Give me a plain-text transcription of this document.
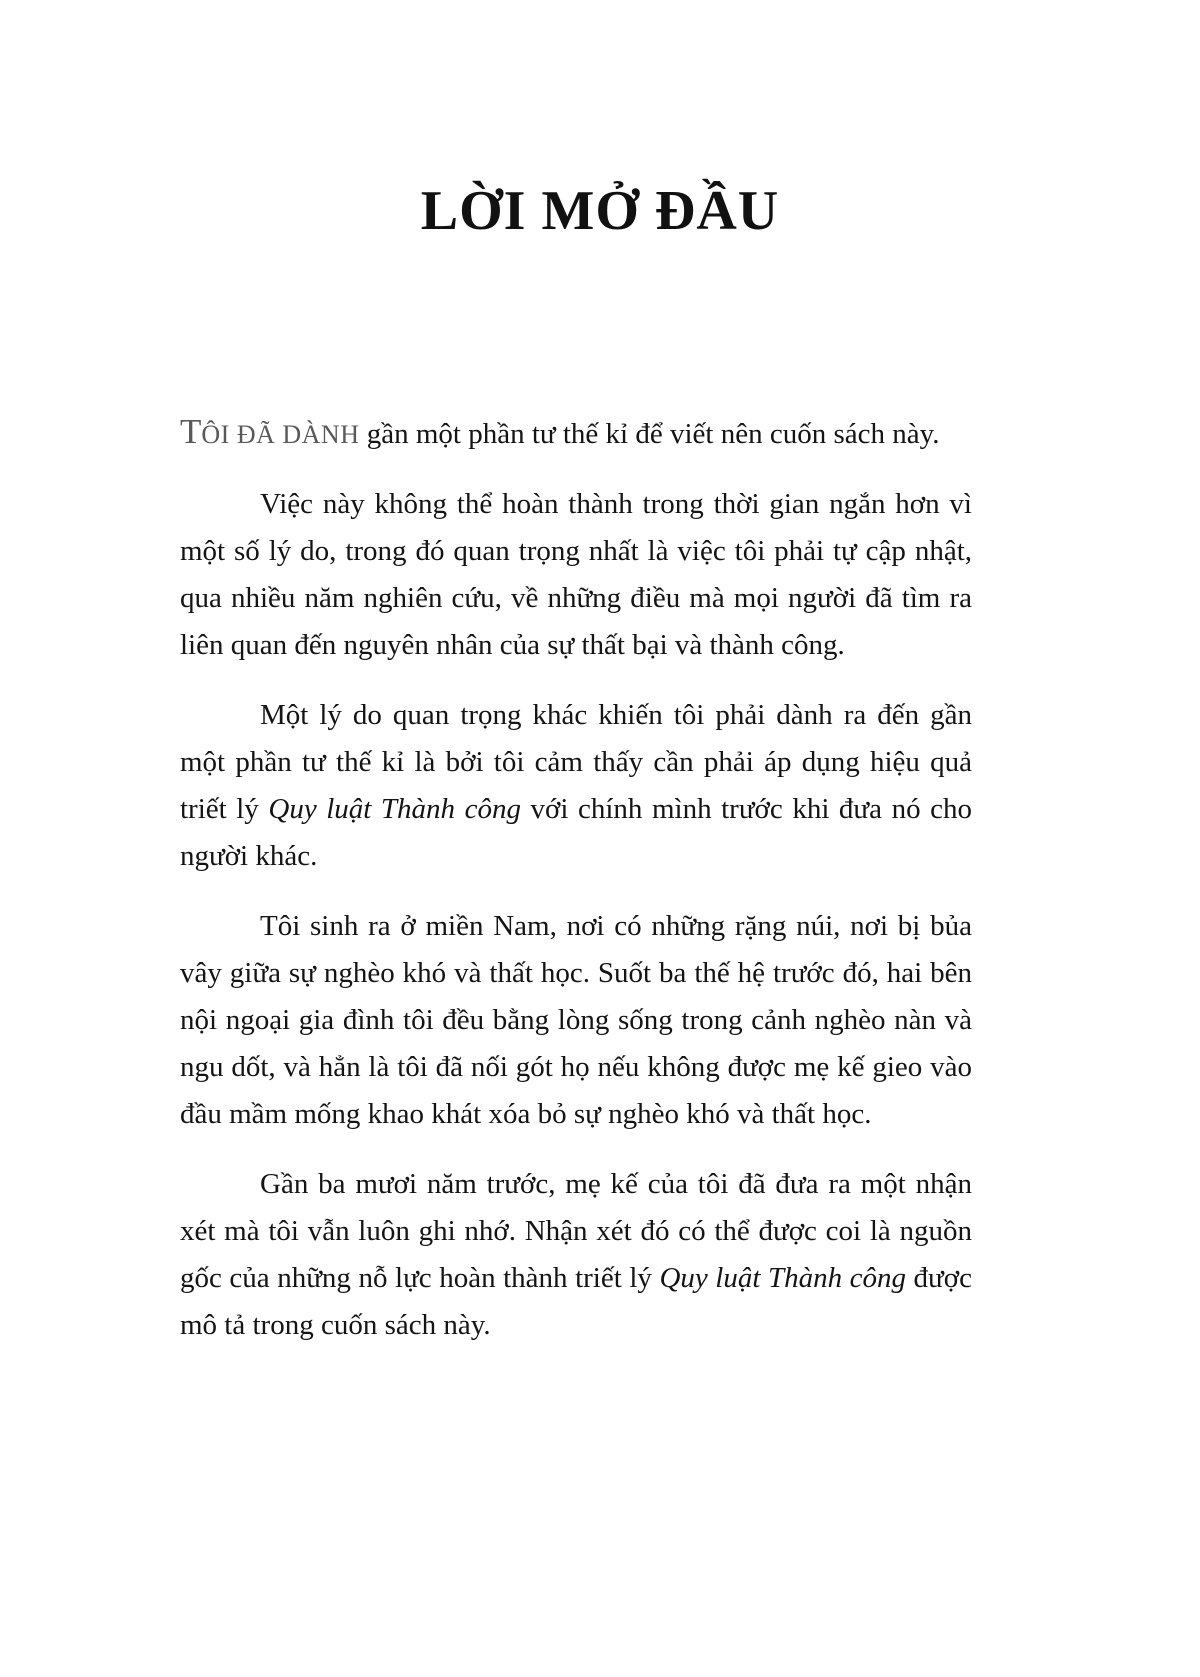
LỜI MỞ ĐẦU

TÔI ĐÃ DÀNH gần một phần tư thế kỉ để viết nên cuốn sách này.

Việc này không thể hoàn thành trong thời gian ngắn hơn vì một số lý do, trong đó quan trọng nhất là việc tôi phải tự cập nhật, qua nhiều năm nghiên cứu, về những điều mà mọi người đã tìm ra liên quan đến nguyên nhân của sự thất bại và thành công.

Một lý do quan trọng khác khiến tôi phải dành ra đến gần một phần tư thế kỉ là bởi tôi cảm thấy cần phải áp dụng hiệu quả triết lý Quy luật Thành công với chính mình trước khi đưa nó cho người khác.

Tôi sinh ra ở miền Nam, nơi có những rặng núi, nơi bị bủa vây giữa sự nghèo khó và thất học. Suốt ba thế hệ trước đó, hai bên nội ngoại gia đình tôi đều bằng lòng sống trong cảnh nghèo nàn và ngu dốt, và hẳn là tôi đã nối gót họ nếu không được mẹ kế gieo vào đầu mầm mống khao khát xóa bỏ sự nghèo khó và thất học.

Gần ba mươi năm trước, mẹ kế của tôi đã đưa ra một nhận xét mà tôi vẫn luôn ghi nhớ. Nhận xét đó có thể được coi là nguồn gốc của những nỗ lực hoàn thành triết lý Quy luật Thành công được mô tả trong cuốn sách này.
